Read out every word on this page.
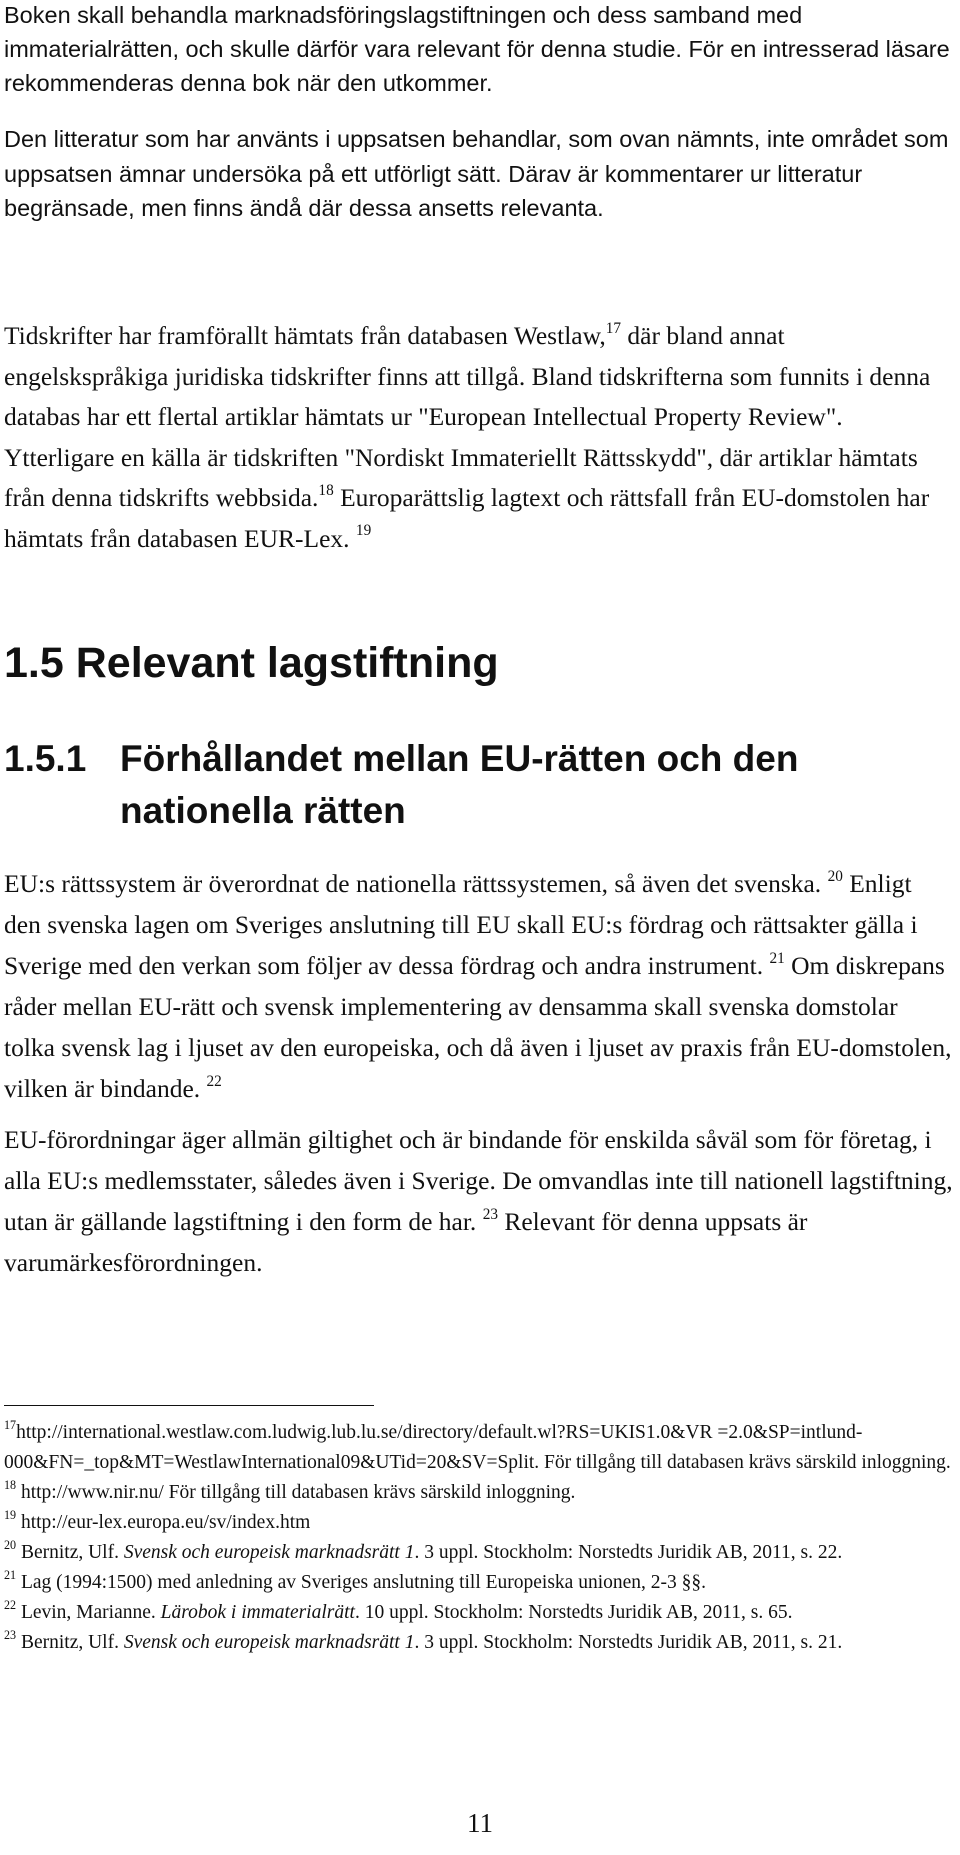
Boken skall behandla marknadsföringslagstiftningen och dess samband med immaterialrätten, och skulle därför vara relevant för denna studie. För en intresserad läsare rekommenderas denna bok när den utkommer.

Den litteratur som har använts i uppsatsen behandlar, som ovan nämnts, inte området som uppsatsen ämnar undersöka på ett utförligt sätt. Därav är kommentarer ur litteratur begränsade, men finns ändå där dessa ansetts relevanta.

Tidskrifter har framförallt hämtats från databasen Westlaw,$^{17}$ där bland annat engelskspråkiga juridiska tidskrifter finns att tillgå. Bland tidskrifterna som funnits i denna databas har ett flertal artiklar hämtats ur "European Intellectual Property Review". Ytterligare en källa är tidskriften "Nordiskt Immateriellt Rättsskydd", där artiklar hämtats från denna tidskrifts webbsida.$^{18}$ Europarättslig lagtext och rättsfall från EU-domstolen har hämtats från databasen EUR-Lex. $^{19}$

1.5 Relevant lagstiftning
1.5.1 Förhållandet mellan EU-rätten och den
nationella rätten

EU:s rättssystem är överordnat de nationella rättssystemen, så även det svenska. $^{20}$ Enligt den svenska lagen om Sveriges anslutning till EU skall EU:s fördrag och rättsakter gälla i Sverige med den verkan som följer av dessa fördrag och andra instrument. $^{21}$ Om diskrepans råder mellan EU-rätt och svensk implementering av densamma skall svenska domstolar tolka svensk lag i ljuset av den europeiska, och då även i ljuset av praxis från EU-domstolen, vilken är bindande. $^{22}$

EU-förordningar äger allmän giltighet och är bindande för enskilda såväl som för företag, i alla EU:s medlemsstater, således även i Sverige. De omvandlas inte till nationell lagstiftning, utan är gällande lagstiftning i den form de har. $^{23}$ Relevant för denna uppsats är varumärkesförordningen.

$^{17}$http://international.westlaw.com.ludwig.lub.lu.se/directory/default.wl?RS=UKIS1.0&VR =2.0&SP=intlund-000&FN=_top&MT=WestlawInternational09&UTid=20&SV=Split. För tillgång till databasen krävs särskild inloggning.

$^{18}$ http://www.nir.nu/ För tillgång till databasen krävs särskild inloggning.

$^{19}$ http://eur-lex.europa.eu/sv/index.htm

$^{20}$ Bernitz, Ulf. Svensk och europeisk marknadsrätt 1. 3 uppl. Stockholm: Norstedts Juridik AB, 2011, s. 22.

$^{21}$ Lag (1994:1500) med anledning av Sveriges anslutning till Europeiska unionen, 2-3 §§.

$^{22}$ Levin, Marianne. Lärobok i immaterialrätt. 10 uppl. Stockholm: Norstedts Juridik AB, 2011, s. 65.

$^{23}$ Bernitz, Ulf. Svensk och europeisk marknadsrätt 1. 3 uppl. Stockholm: Norstedts Juridik AB, 2011, s. 21.

11
